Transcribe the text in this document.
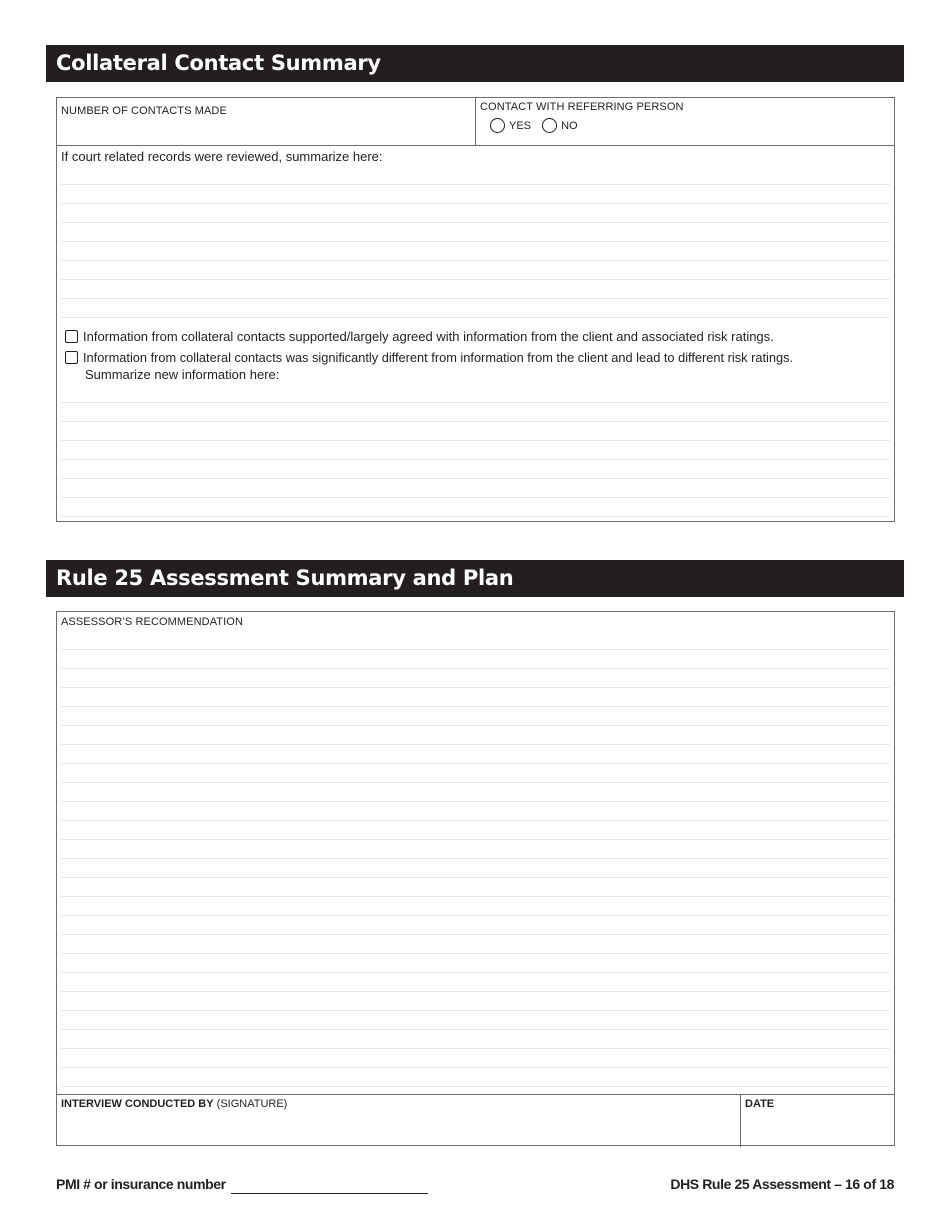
Collateral Contact Summary
NUMBER OF CONTACTS MADE	CONTACT WITH REFERRING PERSON
YES	NO
If court related records were reviewed, summarize here:
Information from collateral contacts supported/largely agreed with information from the client and associated risk ratings.
Information from collateral contacts was significantly different from information from the client and lead to different risk ratings.
Summarize new information here:
Rule 25 Assessment Summary and Plan
ASSESSOR’S RECOMMENDATION
INTERVIEW CONDUCTED BY (SIGNATURE)	DATE
PMI # or insurance number	DHS Rule 25 Assessment – 16 of 18
